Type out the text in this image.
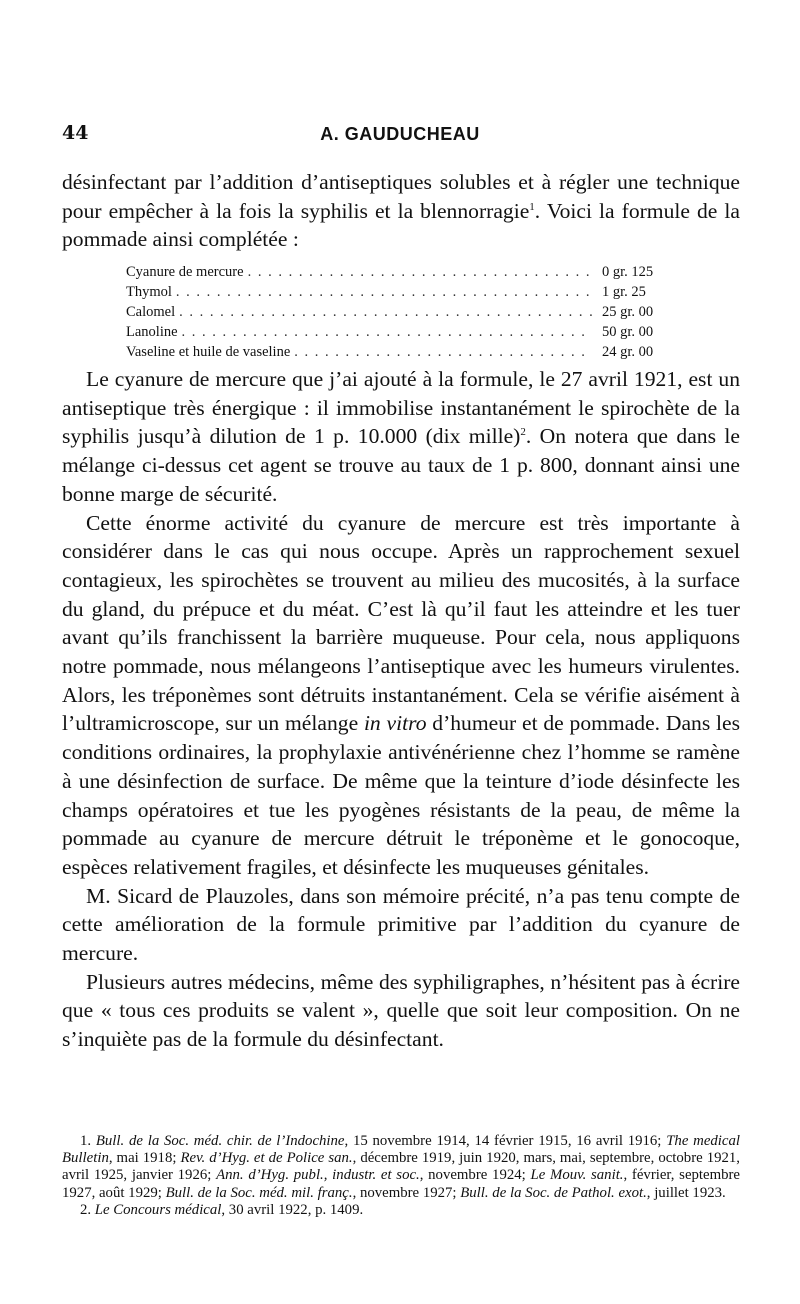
44	A. GAUDUCHEAU

désinfectant par l’addition d’antiseptiques solubles et à régler une technique pour empêcher à la fois la syphilis et la blennorragie$^1$. Voici la formule de la pommade ainsi complétée :

Cyanure de mercure . . .	0 gr. 125
Thymol . . .	1 gr. 25
Calomel . . .	25 gr. 00
Lanoline . . .	50 gr. 00
Vaseline et huile de vaseline . . .	24 gr. 00

Le cyanure de mercure que j’ai ajouté à la formule, le 27 avril 1921, est un antiseptique très énergique : il immobilise instantanément le spirochète de la syphilis jusqu’à dilution de 1 p. 10.000 (dix mille)$^2$. On notera que dans le mélange ci-dessus cet agent se trouve au taux de 1 p. 800, donnant ainsi une bonne marge de sécurité.

Cette énorme activité du cyanure de mercure est très importante à considérer dans le cas qui nous occupe. Après un rapprochement sexuel contagieux, les spirochètes se trouvent au milieu des mucosités, à la surface du gland, du prépuce et du méat. C’est là qu’il faut les atteindre et les tuer avant qu’ils franchissent la barrière muqueuse. Pour cela, nous appliquons notre pommade, nous mélangeons l’antiseptique avec les humeurs virulentes. Alors, les tréponèmes sont détruits instantanément. Cela se vérifie aisément à l’ultramicroscope, sur un mélange in vitro d’humeur et de pommade. Dans les conditions ordinaires, la prophylaxie antivénérienne chez l’homme se ramène à une désinfection de surface. De même que la teinture d’iode désinfecte les champs opératoires et tue les pyogènes résistants de la peau, de même la pommade au cyanure de mercure détruit le tréponème et le gonocoque, espèces relativement fragiles, et désinfecte les muqueuses génitales.

M. Sicard de Plauzoles, dans son mémoire précité, n’a pas tenu compte de cette amélioration de la formule primitive par l’addition du cyanure de mercure.

Plusieurs autres médecins, même des syphiligraphes, n’hésitent pas à écrire que « tous ces produits se valent », quelle que soit leur composition. On ne s’inquiète pas de la formule du désinfectant.

1. Bull. de la Soc. méd. chir. de l’Indochine, 15 novembre 1914, 14 février 1915, 16 avril 1916; The medical Bulletin, mai 1918; Rev. d’Hyg. et de Police san., décembre 1919, juin 1920, mars, mai, septembre, octobre 1921, avril 1925, janvier 1926; Ann. d’Hyg. publ., industr. et soc., novembre 1924; Le Mouv. sanit., février, septembre 1927, août 1929; Bull. de la Soc. méd. mil. franç., novembre 1927; Bull. de la Soc. de Pathol. exot., juillet 1923.

2. Le Concours médical, 30 avril 1922, p. 1409.
